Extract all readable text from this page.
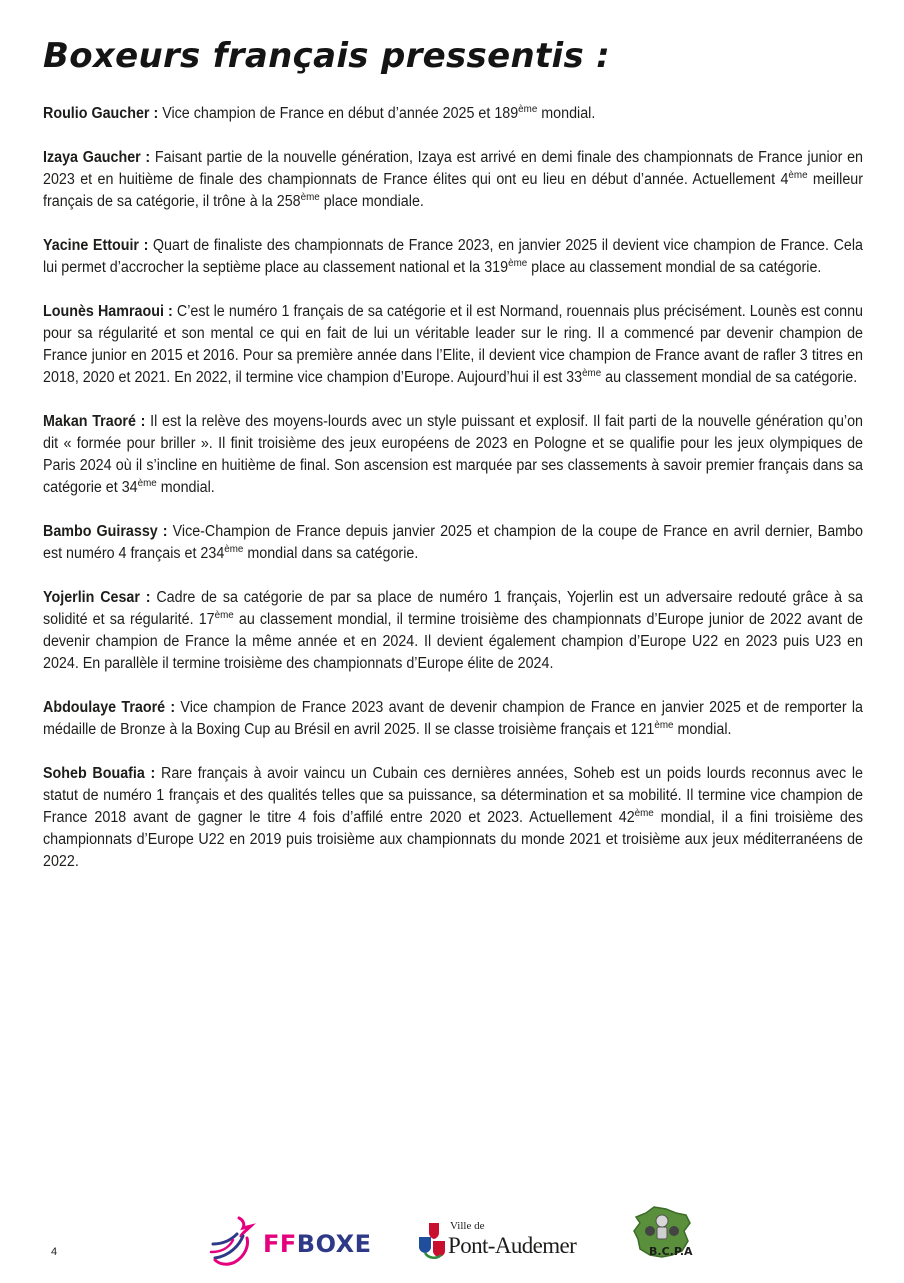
Boxeurs français pressentis :

Roulio Gaucher : Vice champion de France en début d’année 2025 et 189ème mondial.

Izaya Gaucher : Faisant partie de la nouvelle génération, Izaya est arrivé en demi finale des championnats de France junior en 2023 et en huitième de finale des championnats de France élites qui ont eu lieu en début d’année. Actuellement 4ème meilleur français de sa catégorie, il trône à la 258ème place mondiale.

Yacine Ettouir : Quart de finaliste des championnats de France 2023, en janvier 2025 il devient vice champion de France. Cela lui permet d’accrocher la septième place au classement national et la 319ème place au classement mondial de sa catégorie.

Lounès Hamraoui : C’est le numéro 1 français de sa catégorie et il est Normand, rouennais plus précisément. Lounès est connu pour sa régularité et son mental ce qui en fait de lui un véritable leader sur le ring. Il a commencé par devenir champion de France junior en 2015 et 2016. Pour sa première année dans l’Elite, il devient vice champion de France avant de rafler 3 titres en 2018, 2020 et 2021. En 2022, il termine vice champion d’Europe. Aujourd’hui il est 33ème au classement mondial de sa catégorie.

Makan Traoré : Il est la relève des moyens-lourds avec un style puissant et explosif. Il fait parti de la nouvelle génération qu’on dit « formée pour briller ». Il finit troisième des jeux européens de 2023 en Pologne et se qualifie pour les jeux olympiques de Paris 2024 où il s’incline en huitième de final. Son ascension est marquée par ses classements à savoir premier français dans sa catégorie et 34ème mondial.

Bambo Guirassy : Vice-Champion de France depuis janvier 2025 et champion de la coupe de France en avril dernier, Bambo est numéro 4 français et 234ème mondial dans sa catégorie.

Yojerlin Cesar : Cadre de sa catégorie de par sa place de numéro 1 français, Yojerlin est un adversaire redouté grâce à sa solidité et sa régularité. 17ème au classement mondial, il termine troisième des championnats d’Europe junior de 2022 avant de devenir champion de France la même année et en 2024. Il devient également champion d’Europe U22 en 2023 puis U23 en 2024. En parallèle il termine troisième des championnats d’Europe élite de 2024.

Abdoulaye Traoré : Vice champion de France 2023 avant de devenir champion de France en janvier 2025 et de remporter la médaille de Bronze à la Boxing Cup au Brésil en avril 2025. Il se classe troisième français et 121ème mondial.

Soheb Bouafia : Rare français à avoir vaincu un Cubain ces dernières années, Soheb est un poids lourds reconnus avec le statut de numéro 1 français et des qualités telles que sa puissance, sa détermination et sa mobilité. Il termine vice champion de France 2018 avant de gagner le titre 4 fois d’affilé entre 2020 et 2023. Actuellement 42ème mondial, il a fini troisième des championnats d’Europe U22 en 2019 puis troisième aux championnats du monde 2021 et troisième aux jeux méditerranéens de 2022.

4	FFBOXE
Ville de
Pont-Audemer	B.C.P.A
